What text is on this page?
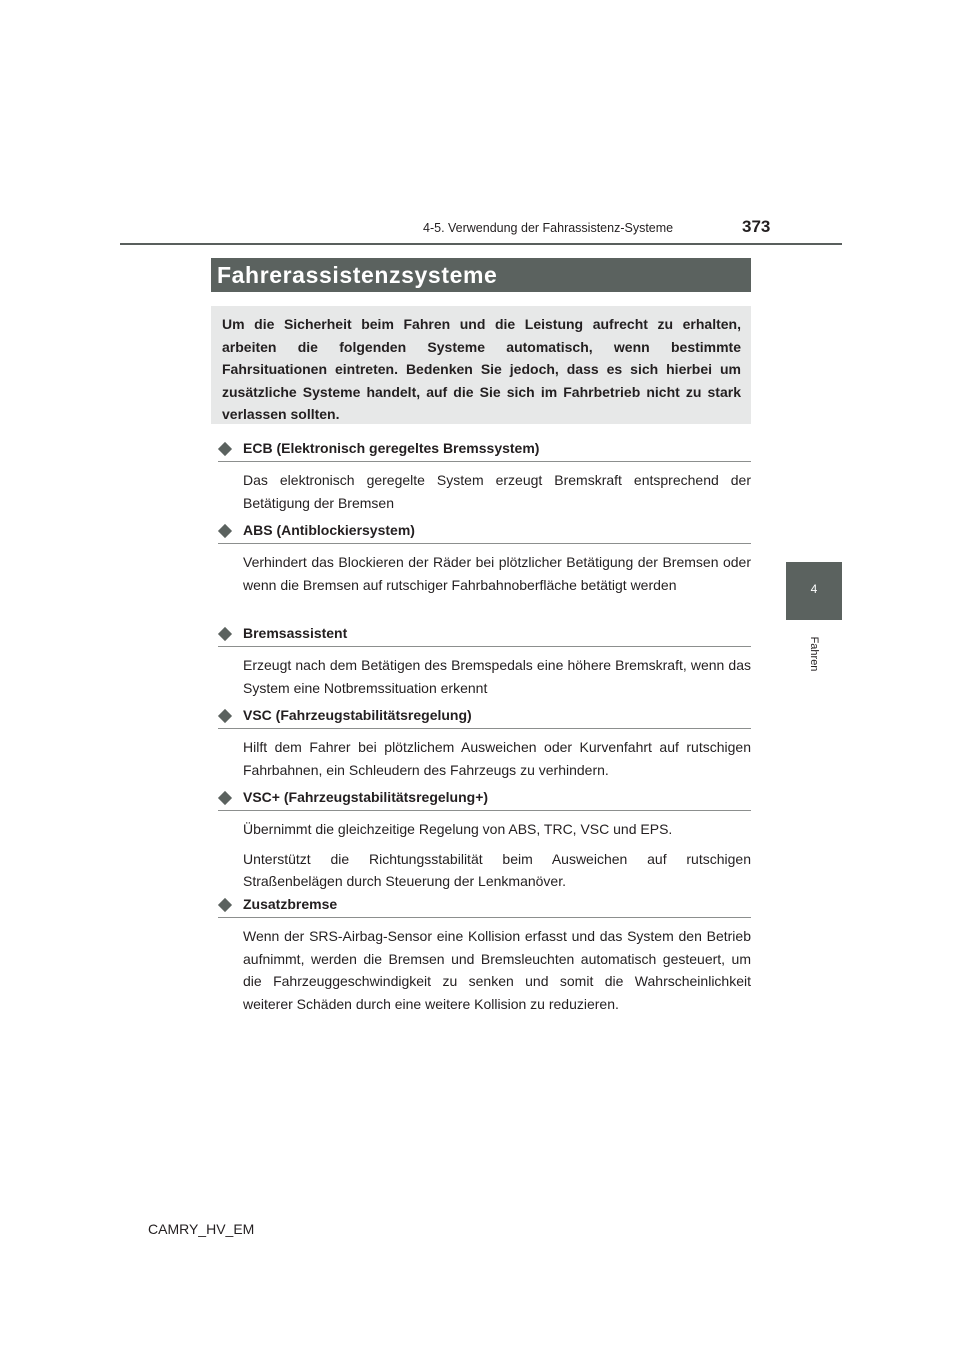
4-5. Verwendung der Fahrassistenz-Systeme	373
4
Fahren
Fahrerassistenzsysteme

Um die Sicherheit beim Fahren und die Leistung aufrecht zu erhalten, arbeiten die folgenden Systeme automatisch, wenn bestimmte Fahrsituationen eintreten. Bedenken Sie jedoch, dass es sich hierbei um zusätzliche Systeme handelt, auf die Sie sich im Fahrbetrieb nicht zu stark verlassen sollten.

ECB (Elektronisch geregeltes Bremssystem)

Das elektronisch geregelte System erzeugt Bremskraft entsprechend der Betätigung der Bremsen

ABS (Antiblockiersystem)

Verhindert das Blockieren der Räder bei plötzlicher Betätigung der Bremsen oder wenn die Bremsen auf rutschiger Fahrbahnoberfläche betätigt werden

Bremsassistent

Erzeugt nach dem Betätigen des Bremspedals eine höhere Bremskraft, wenn das System eine Notbremssituation erkennt

VSC (Fahrzeugstabilitätsregelung)

Hilft dem Fahrer bei plötzlichem Ausweichen oder Kurvenfahrt auf rutschigen Fahrbahnen, ein Schleudern des Fahrzeugs zu verhindern.

VSC+ (Fahrzeugstabilitätsregelung+)

Übernimmt die gleichzeitige Regelung von ABS, TRC, VSC und EPS.

Unterstützt die Richtungsstabilität beim Ausweichen auf rutschigen Straßenbelägen durch Steuerung der Lenkmanöver.

Zusatzbremse

Wenn der SRS-Airbag-Sensor eine Kollision erfasst und das System den Betrieb aufnimmt, werden die Bremsen und Bremsleuchten automatisch gesteuert, um die Fahrzeuggeschwindigkeit zu senken und somit die Wahrscheinlichkeit weiterer Schäden durch eine weitere Kollision zu reduzieren.

CAMRY_HV_EM
